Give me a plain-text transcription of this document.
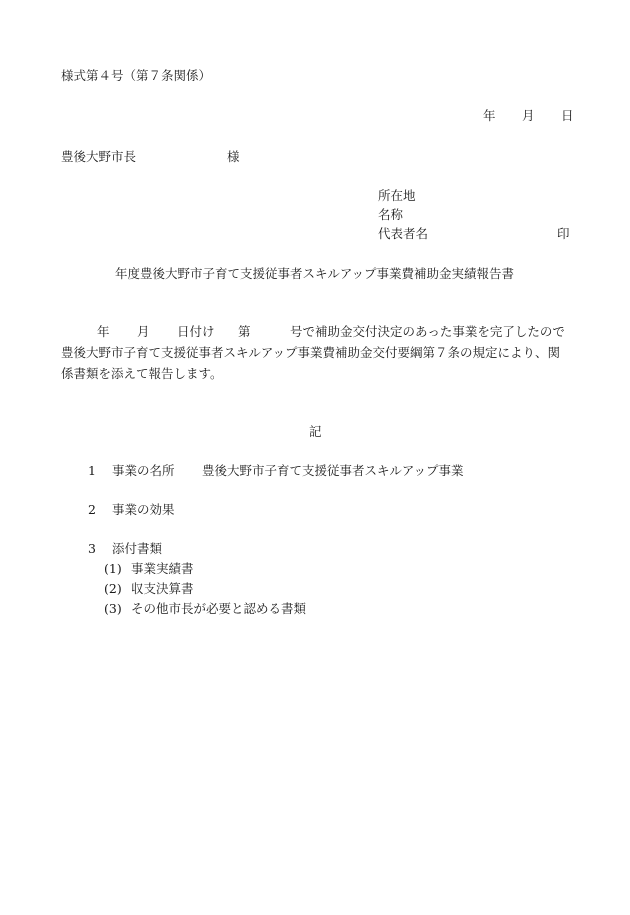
様式第４号（第７条関係）
年 月 日
豊後大野市長	様
所在地
名称
代表者名	印
年度豊後大野市子育て支援従事者スキルアップ事業費補助金実績報告書
年 月 日付け 第	号で補助金交付決定のあった事業を完了したので
豊後大野市子育て支援従事者スキルアップ事業費補助金交付要綱第７条の規定により、関
係書類を添えて報告します。
記
1 事業の名所 豊後大野市子育て支援従事者スキルアップ事業
2 事業の効果
3 添付書類
(1) 事業実績書
(2) 収支決算書
(3) その他市長が必要と認める書類
